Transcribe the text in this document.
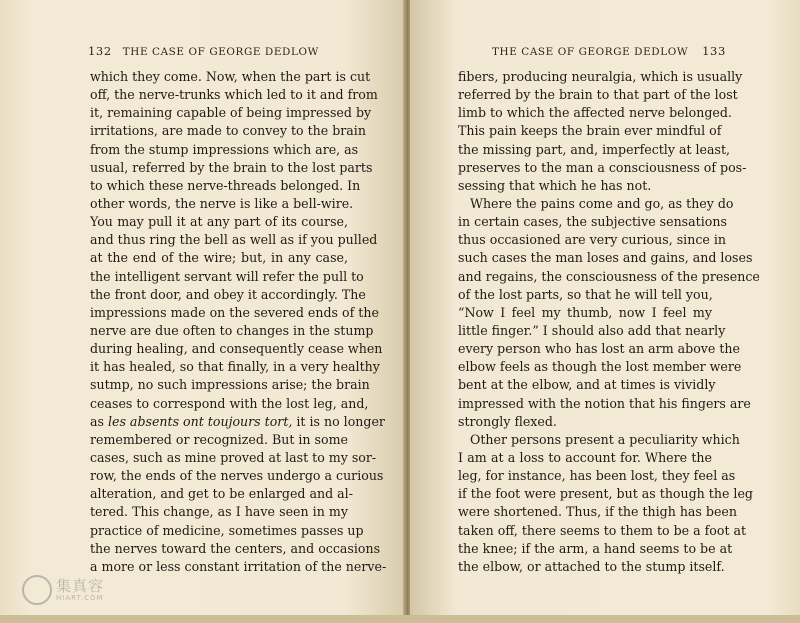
132 THE CASE OF GEORGE DEDLOW
which they come. Now, when the part is cut
off, the nerve-trunks which led to it and from
it, remaining capable of being impressed by
irritations, are made to convey to the brain
from the stump impressions which are, as
usual, referred by the brain to the lost parts
to which these nerve-threads belonged. In
other words, the nerve is like a bell-wire.
You may pull it at any part of its course,
and thus ring the bell as well as if you pulled
at the end of the wire; but, in any case,
the intelligent servant will refer the pull to
the front door, and obey it accordingly. The
impressions made on the severed ends of the
nerve are due often to changes in the stump
during healing, and consequently cease when
it has healed, so that finally, in a very healthy
sutmp, no such impressions arise; the brain
ceases to correspond with the lost leg, and,
as les absents ont toujours tort, it is no longer
remembered or recognized. But in some
cases, such as mine proved at last to my sor-
row, the ends of the nerves undergo a curious
alteration, and get to be enlarged and al-
tered. This change, as I have seen in my
practice of medicine, sometimes passes up
the nerves toward the centers, and occasions
a more or less constant irritation of the nerve-
集真容
HIART.COM
THE CASE OF GEORGE DEDLOW 133
fibers, producing neuralgia, which is usually
referred by the brain to that part of the lost
limb to which the affected nerve belonged.
This pain keeps the brain ever mindful of
the missing part, and, imperfectly at least,
preserves to the man a consciousness of pos-
sessing that which he has not.
Where the pains come and go, as they do
in certain cases, the subjective sensations
thus occasioned are very curious, since in
such cases the man loses and gains, and loses
and regains, the consciousness of the presence
of the lost parts, so that he will tell you,
“Now I feel my thumb, now I feel my
little finger.” I should also add that nearly
every person who has lost an arm above the
elbow feels as though the lost member were
bent at the elbow, and at times is vividly
impressed with the notion that his fingers are
strongly flexed.
Other persons present a peculiarity which
I am at a loss to account for. Where the
leg, for instance, has been lost, they feel as
if the foot were present, but as though the leg
were shortened. Thus, if the thigh has been
taken off, there seems to them to be a foot at
the knee; if the arm, a hand seems to be at
the elbow, or attached to the stump itself.
